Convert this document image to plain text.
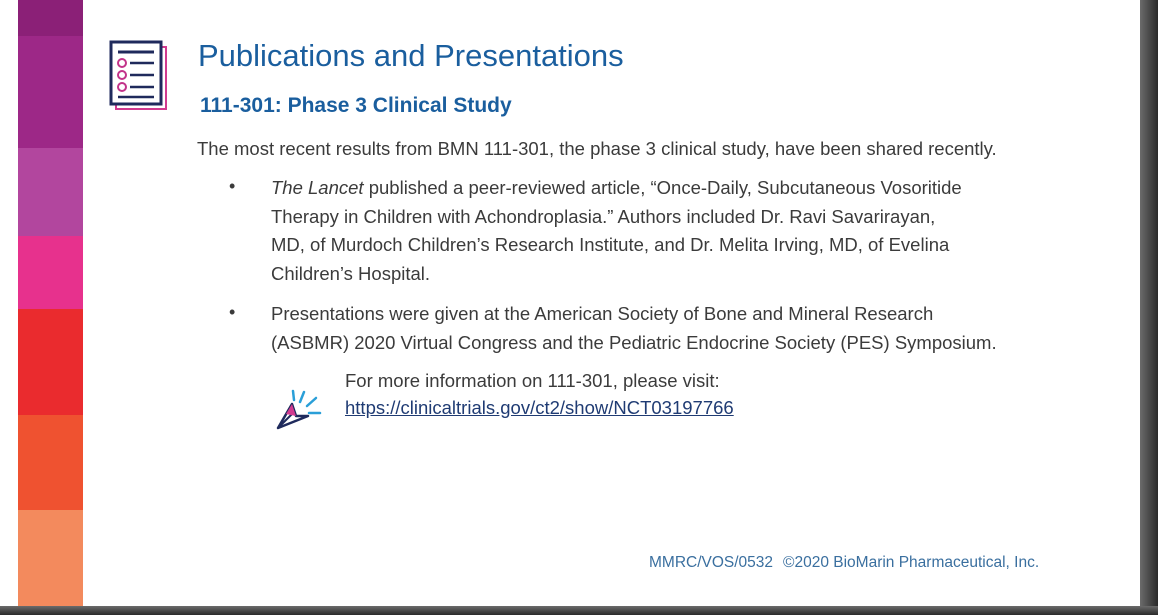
Publications and Presentations
111-301: Phase 3 Clinical Study

The most recent results from BMN 111-301, the phase 3 clinical study, have been shared recently.

• The Lancet published a peer-reviewed article, “Once-Daily, Subcutaneous Vosoritide
Therapy in Children with Achondroplasia.” Authors included Dr. Ravi Savarirayan,
MD, of Murdoch Children’s Research Institute, and Dr. Melita Irving, MD, of Evelina
Children’s Hospital.

• Presentations were given at the American Society of Bone and Mineral Research
(ASBMR) 2020 Virtual Congress and the Pediatric Endocrine Society (PES) Symposium.

For more information on 111-301, please visit:

https://clinicaltrials.gov/ct2/show/NCT03197766

MMRC/VOS/0532 ©2020 BioMarin Pharmaceutical, Inc.
